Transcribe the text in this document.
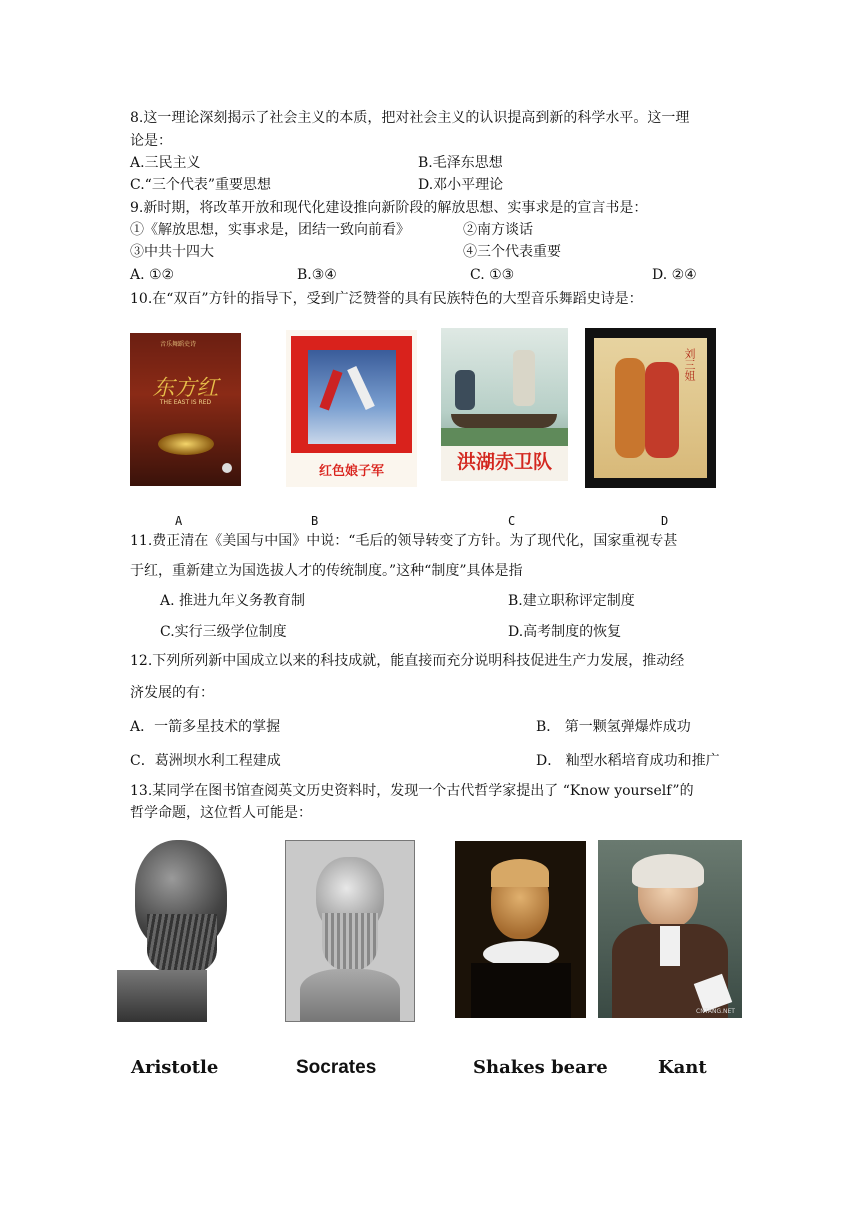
8.这一理论深刻揭示了社会主义的本质，把对社会主义的认识提高到新的科学水平。这一理
论是：
A.三民主义	B.毛泽东思想
C.“三个代表”重要思想	D.邓小平理论
9.新时期，将改革开放和现代化建设推向新阶段的解放思想、实事求是的宣言书是：
①《解放思想，实事求是，团结一致向前看》	②南方谈话
③中共十四大	④三个代表重要
A. ①②	B.③④	C. ①③	D. ②④
10.在“双百”方针的指导下，受到广泛赞誉的具有民族特色的大型音乐舞蹈史诗是：
音乐舞蹈史诗
东方红
THE EAST IS RED
红色娘子军	洪湖赤卫队
刘三姐
A	B	C	D
11.费正清在《美国与中国》中说：“毛后的领导转变了方针。为了现代化，国家重视专甚
于红，重新建立为国选拔人才的传统制度。”这种“制度”具体是指
A. 推进九年义务教育制	B.建立职称评定制度
C.实行三级学位制度	D.高考制度的恢复
12.下列所列新中国成立以来的科技成就，能直接而充分说明科技促进生产力发展，推动经
济发展的有：
A．一箭多星技术的掌握	B． 第一颗氢弹爆炸成功
C．葛洲坝水利工程建成	D． 籼型水稻培育成功和推广
13.某同学在图书馆查阅英文历史资料时，发现一个古代哲学家提出了 “Know yourself”的
哲学命题，这位哲人可能是：
CNTANG.NET
Aristotle	Socrates	Shakes beare	Kant
